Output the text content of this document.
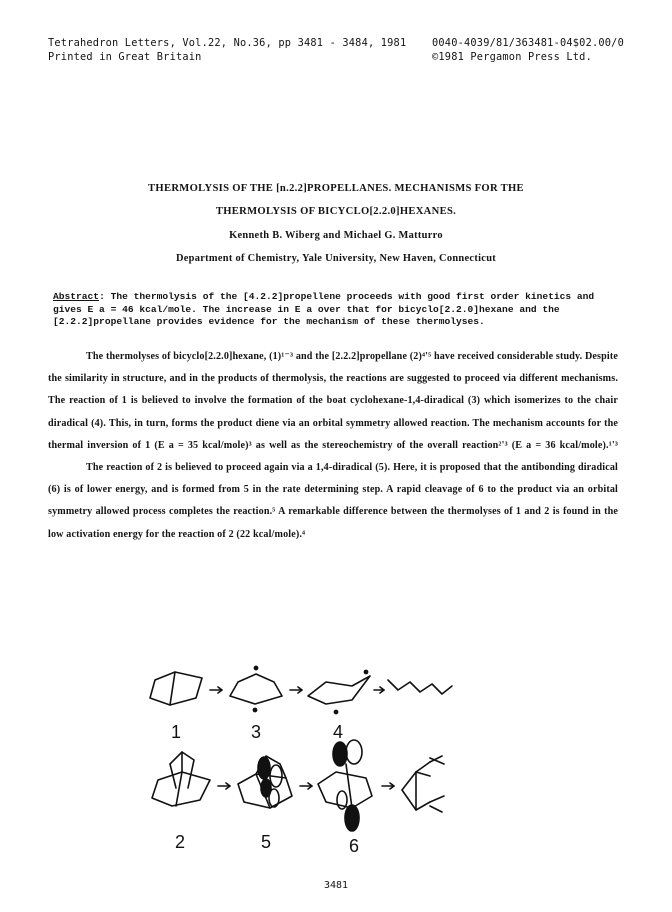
Tetrahedron Letters, Vol.22, No.36, pp 3481 - 3484, 1981
Printed in Great Britain
0040-4039/81/363481-04$02.00/0
©1981 Pergamon Press Ltd.
THERMOLYSIS OF THE [n.2.2]PROPELLANES. MECHANISMS FOR THE
THERMOLYSIS OF BICYCLO[2.2.0]HEXANES.
Kenneth B. Wiberg and Michael G. Matturro
Department of Chemistry, Yale University, New Haven, Connecticut
Abstract: The thermolysis of the [4.2.2]propellene proceeds with good first order kinetics and gives E a = 46 kcal/mole. The increase in E a over that for bicyclo[2.2.0]hexane and the [2.2.2]propellane provides evidence for the mechanism of these thermolyses.

The thermolyses of bicyclo[2.2.0]hexane, (1)¹⁻³ and the [2.2.2]propellane (2)⁴'⁵ have received considerable study. Despite the similarity in structure, and in the products of thermolysis, the reactions are suggested to proceed via different mechanisms. The reaction of 1 is believed to involve the formation of the boat cyclohexane-1,4-diradical (3) which isomerizes to the chair diradical (4). This, in turn, forms the product diene via an orbital symmetry allowed reaction. The mechanism accounts for the thermal inversion of 1 (E a = 35 kcal/mole)³ as well as the stereochemistry of the overall reaction²'³ (E a = 36 kcal/mole).¹'³

The reaction of 2 is believed to proceed again via a 1,4-diradical (5). Here, it is proposed that the antibonding diradical (6) is of lower energy, and is formed from 5 in the rate determining step. A rapid cleavage of 6 to the product via an orbital symmetry allowed process completes the reaction.⁵ A remarkable difference between the thermolyses of 1 and 2 is found in the low activation energy for the reaction of 2 (22 kcal/mole).⁴

1	3	4
2	5	6
3481
